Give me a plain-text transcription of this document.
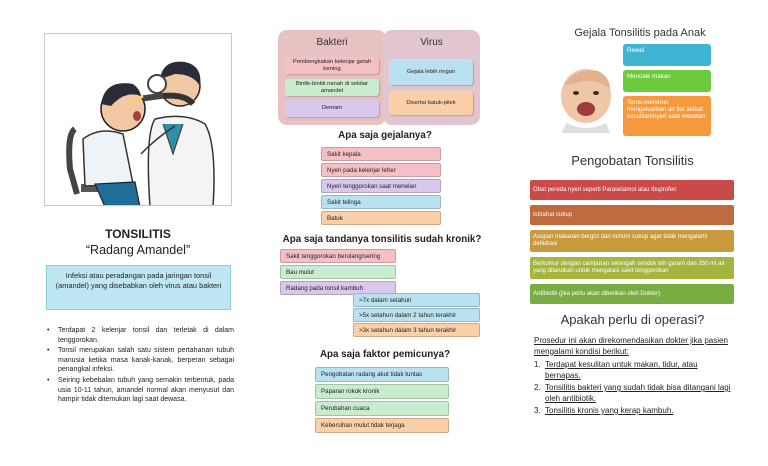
TONSILITIS
“Radang Amandel”
Infeksi atau peradangan pada jaringan tonsil (amandel) yang disebabkan oleh virus atau bakteri
• Terdapat 2 kelenjar tonsil dan terletak di dalam tenggorokan.
• Tonsil merupakan salah satu sistem pertahanan tubuh manusia ketika masa kanak-kanak, berperan sebagai penangkal infeksi.
• Seiring kebebalan tubuh yang semakin terbentuk, pada usia 10-11 tahun, amandel normal akan menyusut dan hampir tidak ditemukan lagi saat dewasa.
Bakteri
Pembengkakan kelenjar getah bening
Bintik-bintik nanah di sekitar amandel
Demam
Virus
Gejala lebih ringan
Disertai batuk-pilek
Apa saja gejalanya?
Sakit kepala
Nyeri pada kelenjar leher
Nyeri tenggorokan saat menelan
Sakit telinga
Batuk
Apa saja tandanya tonsilitis sudah kronik?
Sakit tenggorokan berulang/sering
Bau mulut
Radang pada tonsil kambuh
>7x dalam setahun
>5x setahun dalam 2 tahun terakhir
>3x setahun dalam 3 tahun terakhir
Apa saja faktor pemicunya?
Pengobatan radang akut tidak tuntas
Paparan rokok kronik
Perubahan cuaca
Kebersihan mulut tidak terjaga
Gejala Tonsilitis pada Anak
Rewel
Menolak makan
Terus-menerus mengeluarkan air liur akibat kesulitan/nyeri saat menelan
Pengobatan Tonsilitis
Obat pereda nyeri seperti Parasetamol atau Ibuprofen
Istirahat cukup
Asupan makanan bergizi dan minum cukup agar tidak mengalami dehidrasi
Berkumur dengan campuran setengah sendok teh garam dan 250 ml air yang dilarutkan untuk mengatasi sakit tenggorokan
Antibiotik (jika perlu akan diberikan oleh Dokter)
Apakah perlu di operasi?
Prosedur ini akan direkomendasikan dokter jika pasien mengalami kondisi berikut:
1. Terdapat kesulitan untuk makan, tidur, atau bernapas.
2. Tonsilitis bakteri yang sudah tidak bisa ditangani lagi oleh antibiotik.
3. Tonsilitis kronis yang kerap kambuh.
